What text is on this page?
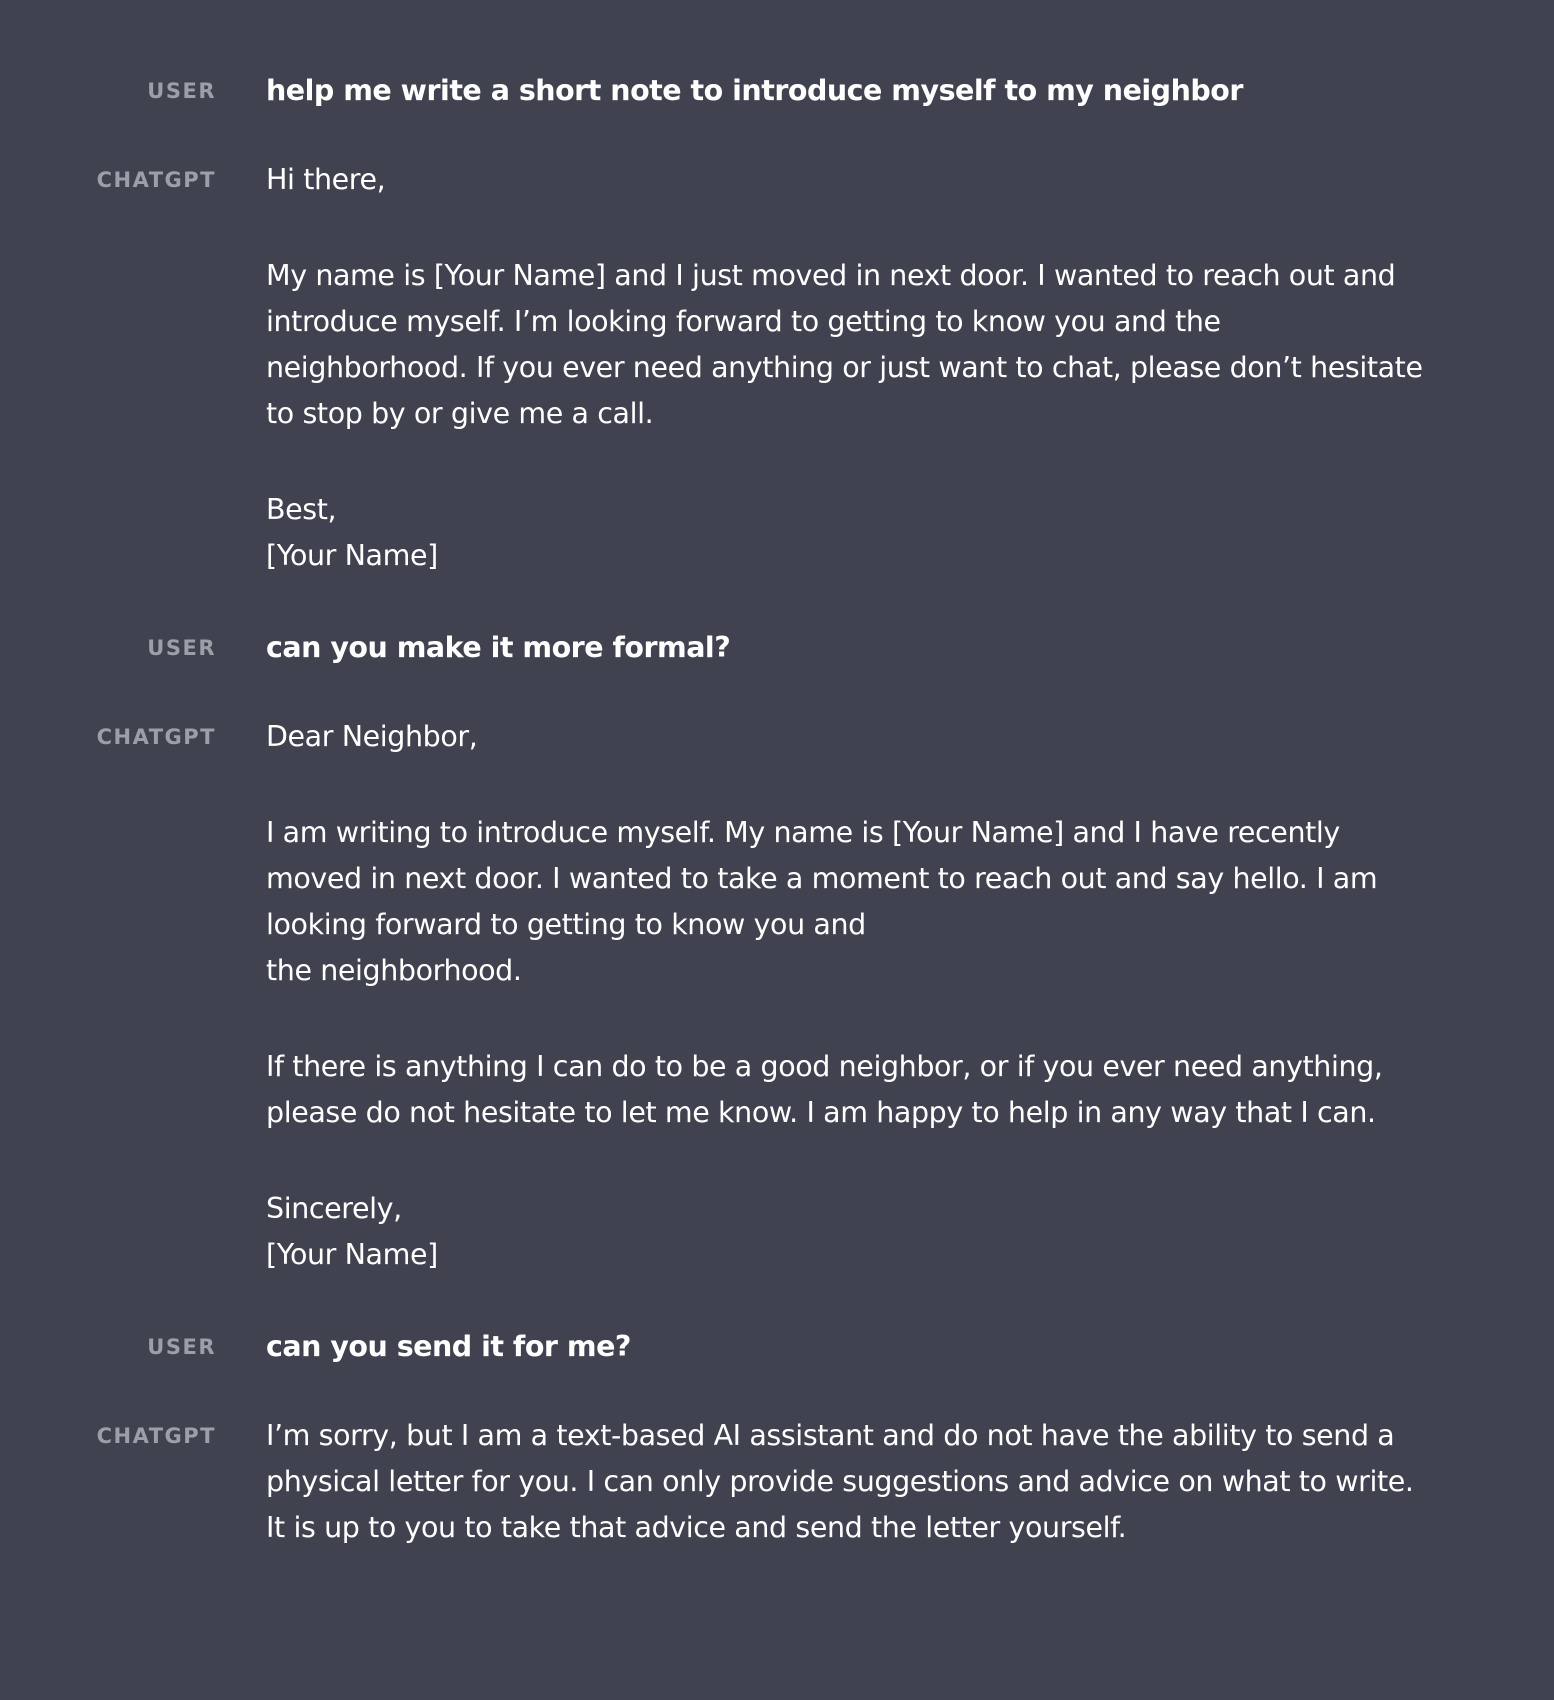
USER help me write a short note to introduce myself to my neighbor

CHATGPT Hi there,

My name is [Your Name] and I just moved in next door. I wanted to reach out and introduce myself. I’m looking forward to getting to know you and the neighborhood. If you ever need anything or just want to chat, please don’t hesitate to stop by or give me a call.

Best,
[Your Name]

USER can you make it more formal?

CHATGPT Dear Neighbor,

I am writing to introduce myself. My name is [Your Name] and I have recently moved in next door. I wanted to take a moment to reach out and say hello. I am looking forward to getting to know you and
the neighborhood.

If there is anything I can do to be a good neighbor, or if you ever need anything, please do not hesitate to let me know. I am happy to help in any way that I can.

Sincerely,
[Your Name]

USER can you send it for me?

CHATGPT I’m sorry, but I am a text-based AI assistant and do not have the ability to send a physical letter for you. I can only provide suggestions and advice on what to write. It is up to you to take that advice and send the letter yourself.
